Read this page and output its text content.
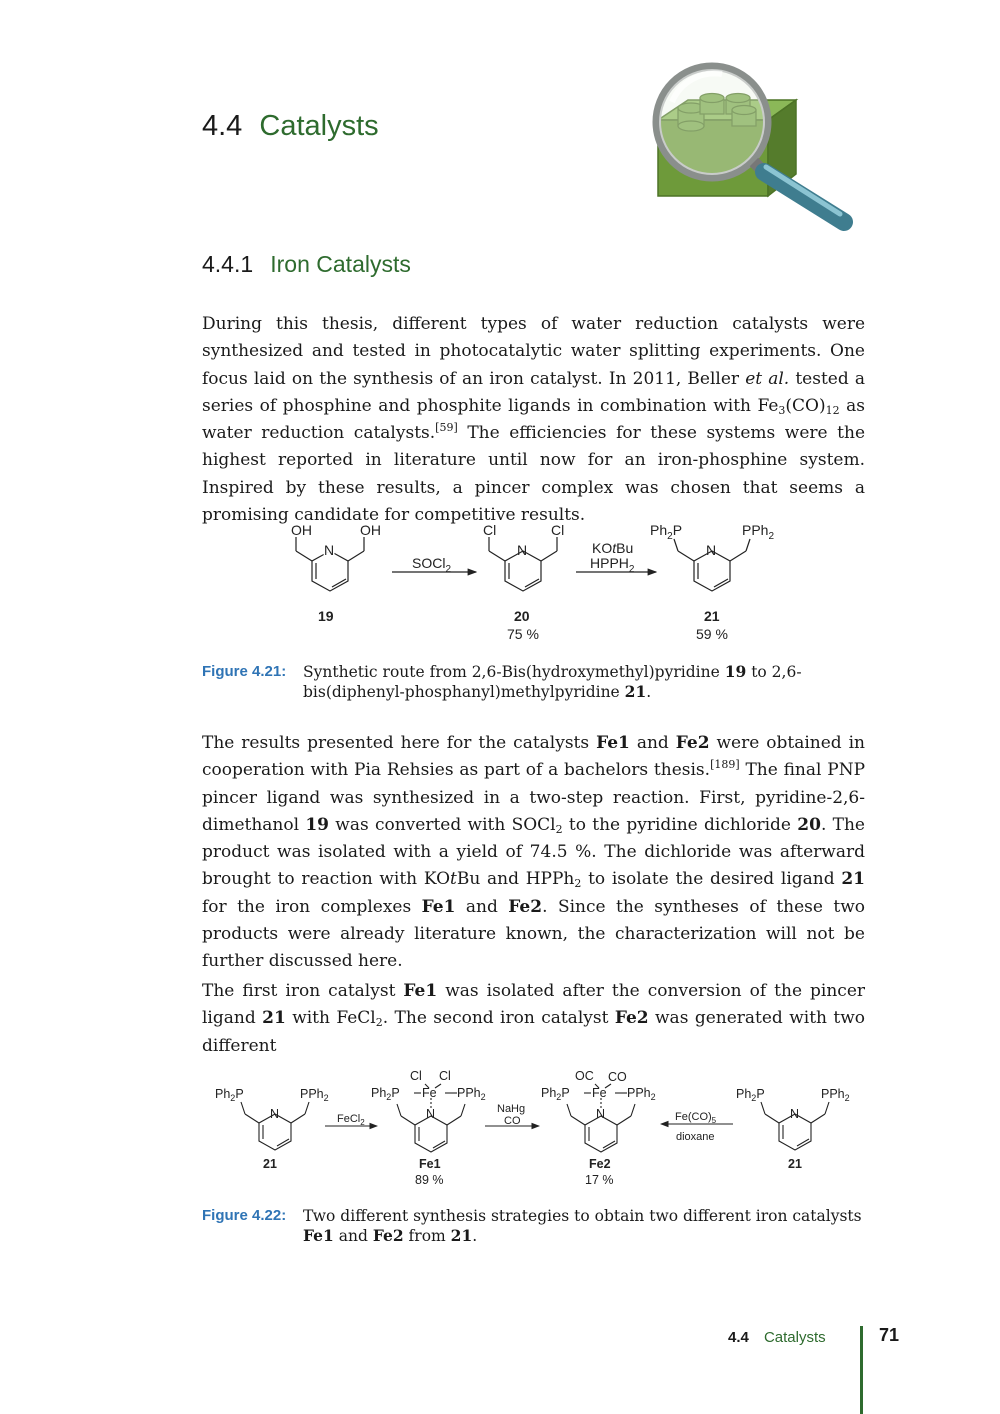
4.4 Catalysts
4.4.1 Iron Catalysts
During this thesis, different types of water reduction catalysts were synthesized and tested in photocatalytic water splitting experiments. One focus laid on the synthesis of an iron catalyst. In 2011, Beller et al. tested a series of phosphine and phosphite ligands in combination with $Fe_3(CO)_{12}$ as water reduction catalysts.[59] The efficiencies for these systems were the highest reported in literature until now for an iron-phosphine system. Inspired by these results, a pincer complex was chosen that seems a promising candidate for competitive results.
OH	OH
N
19
SOCl$_2$
Cl	Cl
N
20
75 %
KOtBu
$HPPH_2$
$Ph_2P$	PPh$_2$
N
21
59 %
Figure 4.21: Synthetic route from 2,6-Bis(hydroxymethyl)pyridine 19 to 2,6-bis(diphenyl-phosphanyl)methylpyridine 21.
The results presented here for the catalysts Fe1 and Fe2 were obtained in cooperation with Pia Rehsies as part of a bachelors thesis.[189] The final PNP pincer ligand was synthesized in a two-step reaction. First, pyridine-2,6-dimethanol 19 was converted with SOCl$_2$ to the pyridine dichloride 20. The product was isolated with a yield of 74.5 %. The dichloride was afterward brought to reaction with KOtBu and HPPh$_2$ to isolate the desired ligand 21 for the iron complexes Fe1 and Fe2. Since the syntheses of these two products were already literature known, the characterization will not be further discussed here.
The first iron catalyst Fe1 was isolated after the conversion of the pincer ligand 21 with FeCl$_2$. The second iron catalyst Fe2 was generated with two different
$Ph_2P$	PPh$_2$
N
21
FeCl$_2$
Cl Cl
Fe
$Ph_2P$	PPh$_2$
N
Fe1
89 %
NaHg
CO
OC CO
Fe
$Ph_2P$	PPh$_2$
N
Fe2
17 %
$Fe(CO)_5$
dioxane
$Ph_2P$	PPh$_2$
N
21
Figure 4.22: Two different synthesis strategies to obtain two different iron catalysts Fe1 and Fe2 from 21.
4.4 Catalysts	71
